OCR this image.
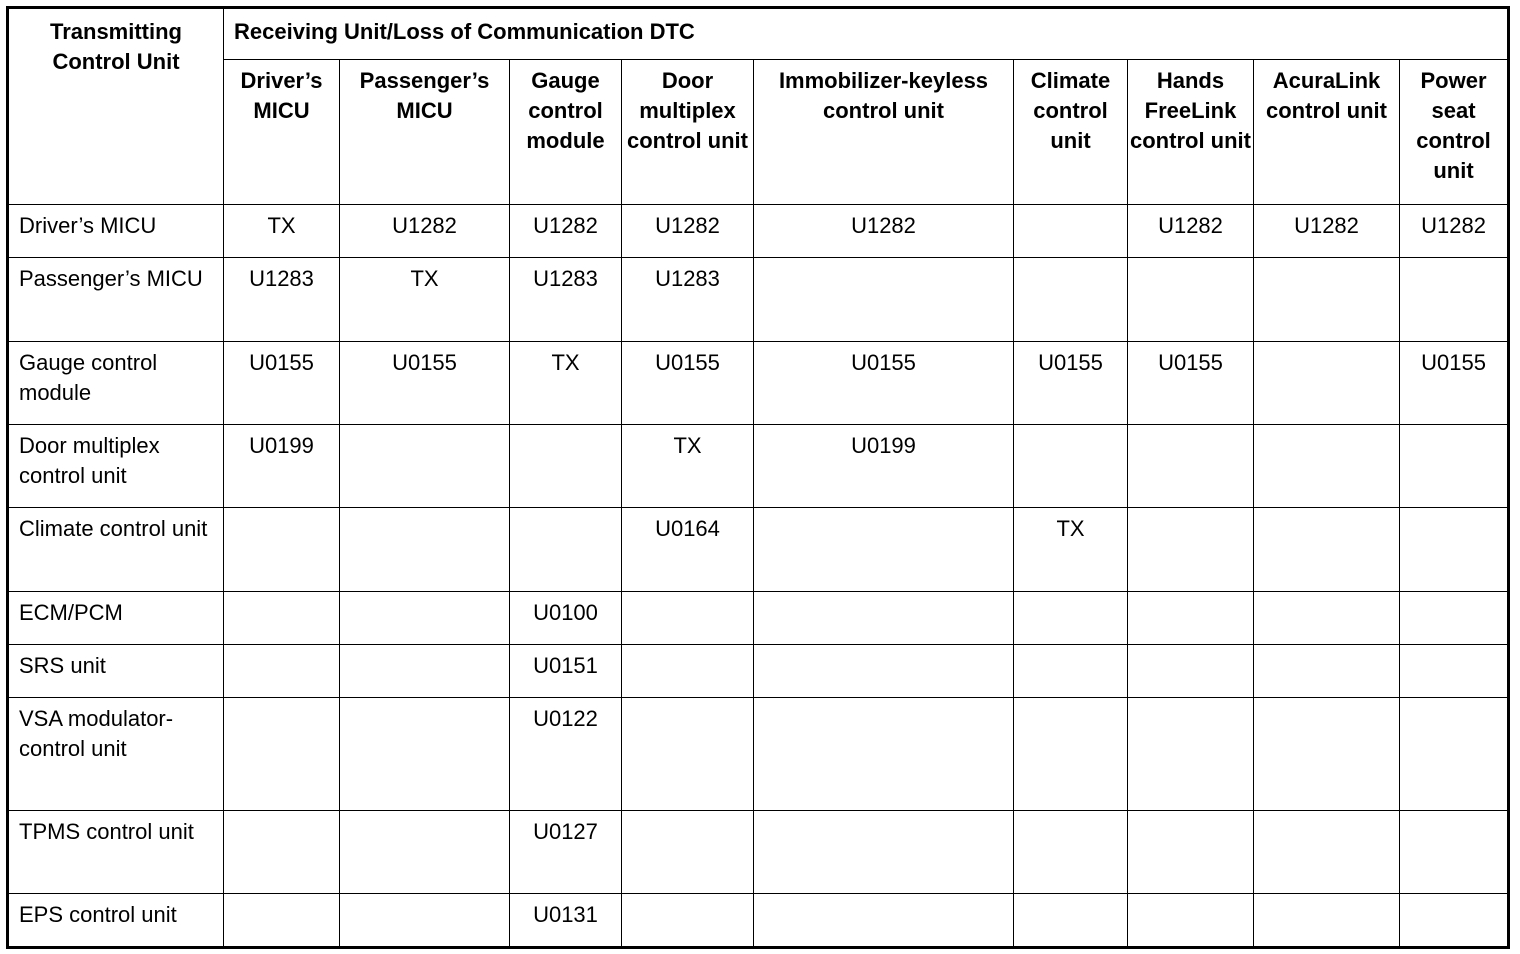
Transmitting Control Unit	Receiving Unit/Loss of Communication DTC								
	Driver’s MICU	Passenger’s MICU	Gauge control module	Door multiplex control unit	Immobilizer-keyless control unit	Climate control unit	Hands FreeLink control unit	AcuraLink control unit	Power seat control unit
Driver’s MICU	TX	U1282	U1282	U1282	U1282		U1282	U1282	U1282
Passenger’s MICU	U1283	TX	U1283	U1283					
Gauge control module	U0155	U0155	TX	U0155	U0155	U0155	U0155		U0155
Door multiplex control unit	U0199			TX	U0199				
Climate control unit				U0164		TX			
ECM/PCM			U0100						
SRS unit			U0151						
VSA modulator-control unit			U0122						
TPMS control unit			U0127						
EPS control unit			U0131						
